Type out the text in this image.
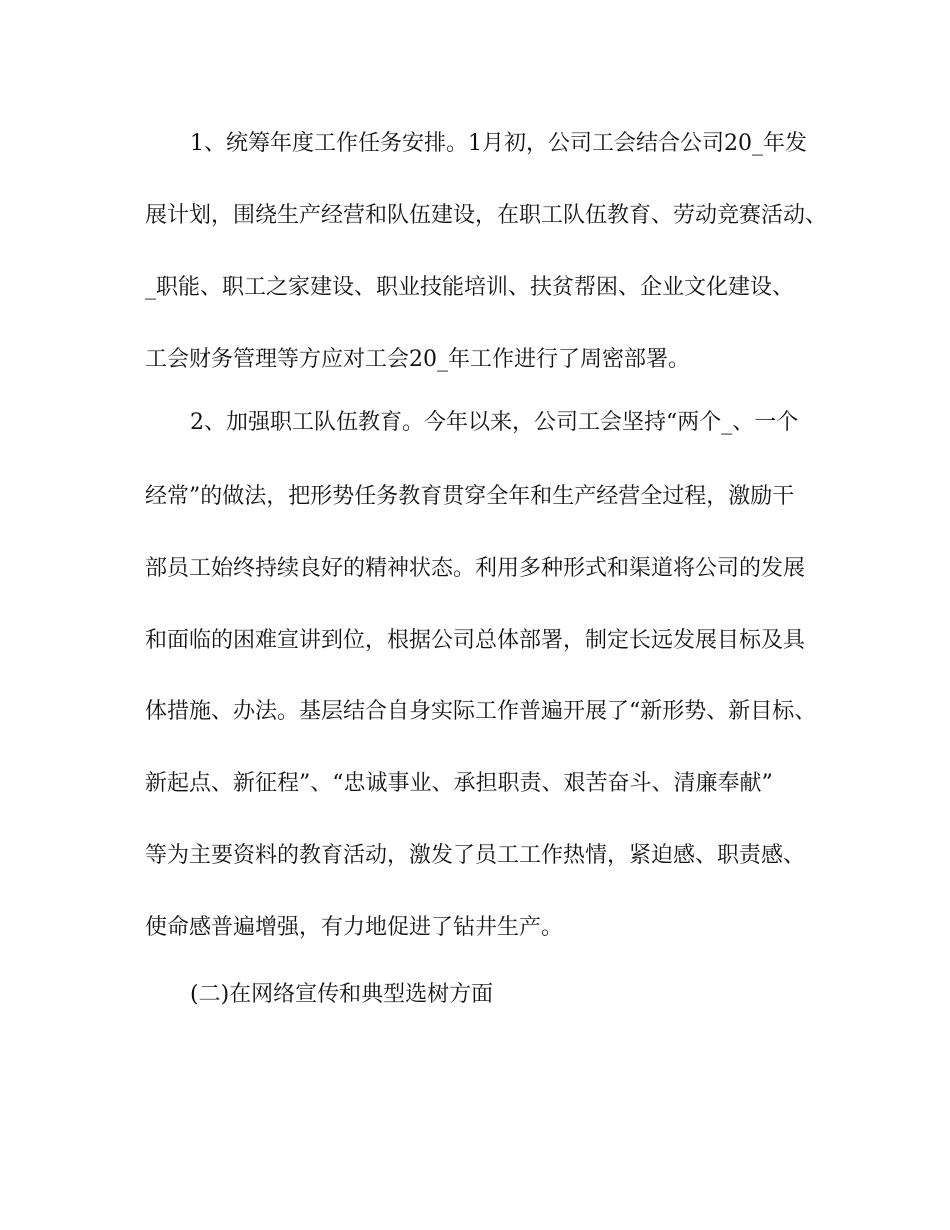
1、统筹年度工作任务安排。1月初，公司工会结合公司20_年发
展计划，围绕生产经营和队伍建设，在职工队伍教育、劳动竞赛活动、
_职能、职工之家建设、职业技能培训、扶贫帮困、企业文化建设、
工会财务管理等方应对工会20_年工作进行了周密部署。
2、加强职工队伍教育。今年以来，公司工会坚持“两个_、一个
经常”的做法，把形势任务教育贯穿全年和生产经营全过程，激励干
部员工始终持续良好的精神状态。利用多种形式和渠道将公司的发展
和面临的困难宣讲到位，根据公司总体部署，制定长远发展目标及具
体措施、办法。基层结合自身实际工作普遍开展了“新形势、新目标、
新起点、新征程”、“忠诚事业、承担职责、艰苦奋斗、清廉奉献”
等为主要资料的教育活动，激发了员工工作热情，紧迫感、职责感、
使命感普遍增强，有力地促进了钻井生产。
(二)在网络宣传和典型选树方面
